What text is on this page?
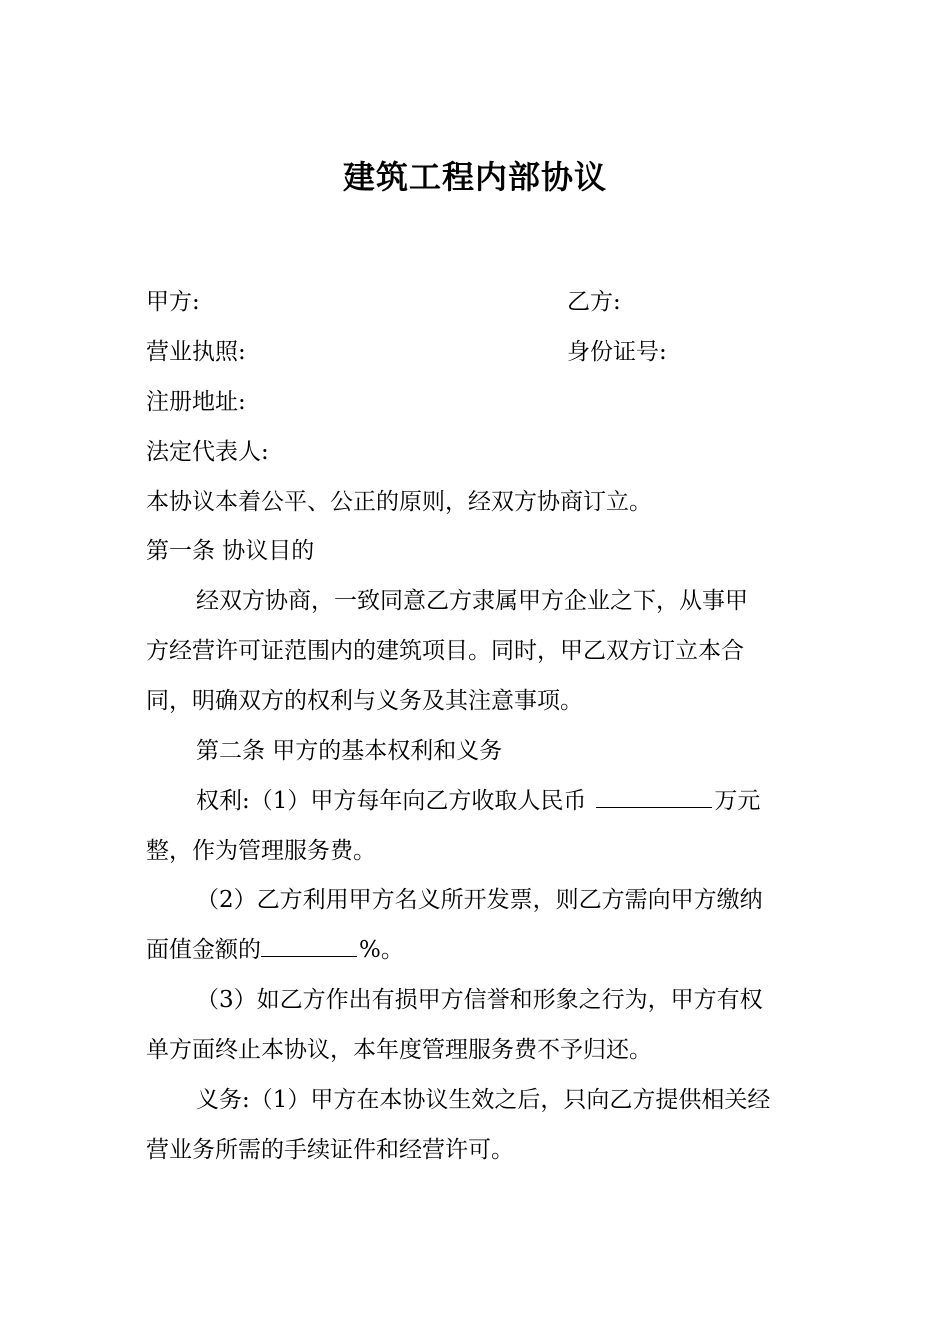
建筑工程内部协议
甲方:	乙方:
营业执照:	身份证号:
注册地址:
法定代表人:
本协议本着公平、公正的原则，经双方协商订立。
第一条 协议目的
经双方协商，一致同意乙方隶属甲方企业之下，从事甲
方经营许可证范围内的建筑项目。同时，甲乙双方订立本合
同，明确双方的权利与义务及其注意事项。
第二条 甲方的基本权利和义务
权利:（1）甲方每年向乙方收取人民币	万元
整，作为管理服务费。
（2）乙方利用甲方名义所开发票，则乙方需向甲方缴纳
面值金额的	%。
（3）如乙方作出有损甲方信誉和形象之行为，甲方有权
单方面终止本协议，本年度管理服务费不予归还。
义务:（1）甲方在本协议生效之后，只向乙方提供相关经
营业务所需的手续证件和经营许可。
